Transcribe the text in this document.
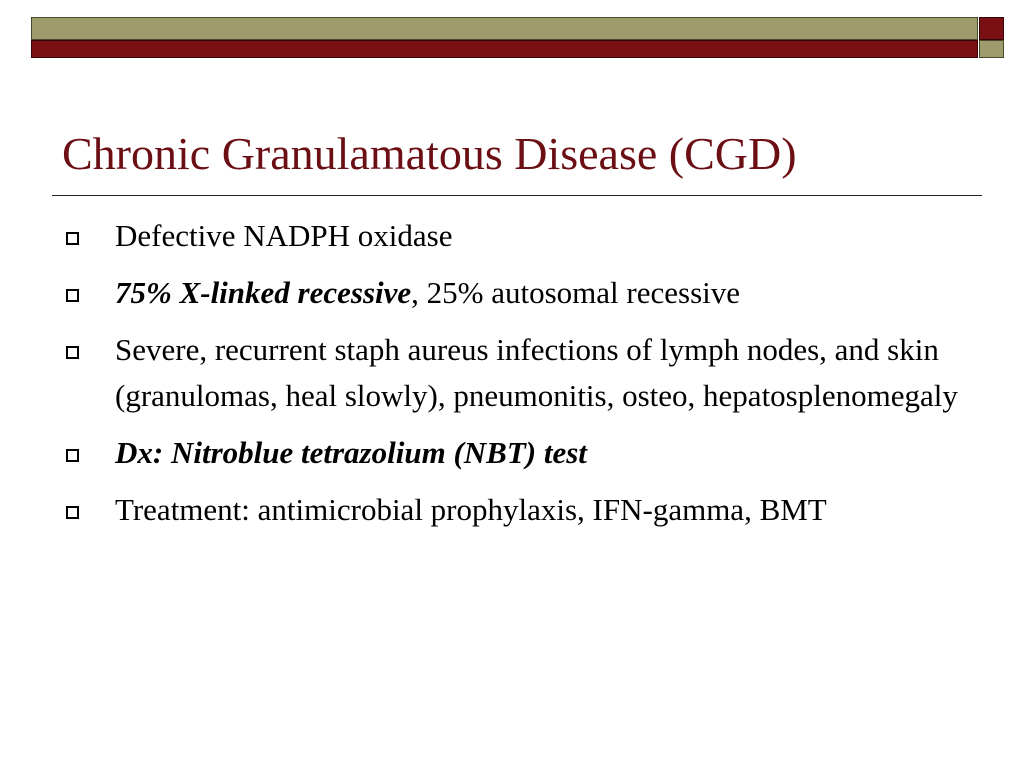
Chronic Granulamatous Disease (CGD)
Defective NADPH oxidase
75% X-linked recessive, 25% autosomal recessive
Severe, recurrent staph aureus infections of lymph nodes, and skin (granulomas, heal slowly), pneumonitis, osteo, hepatosplenomegaly
Dx: Nitroblue tetrazolium (NBT) test
Treatment: antimicrobial prophylaxis, IFN-gamma, BMT
